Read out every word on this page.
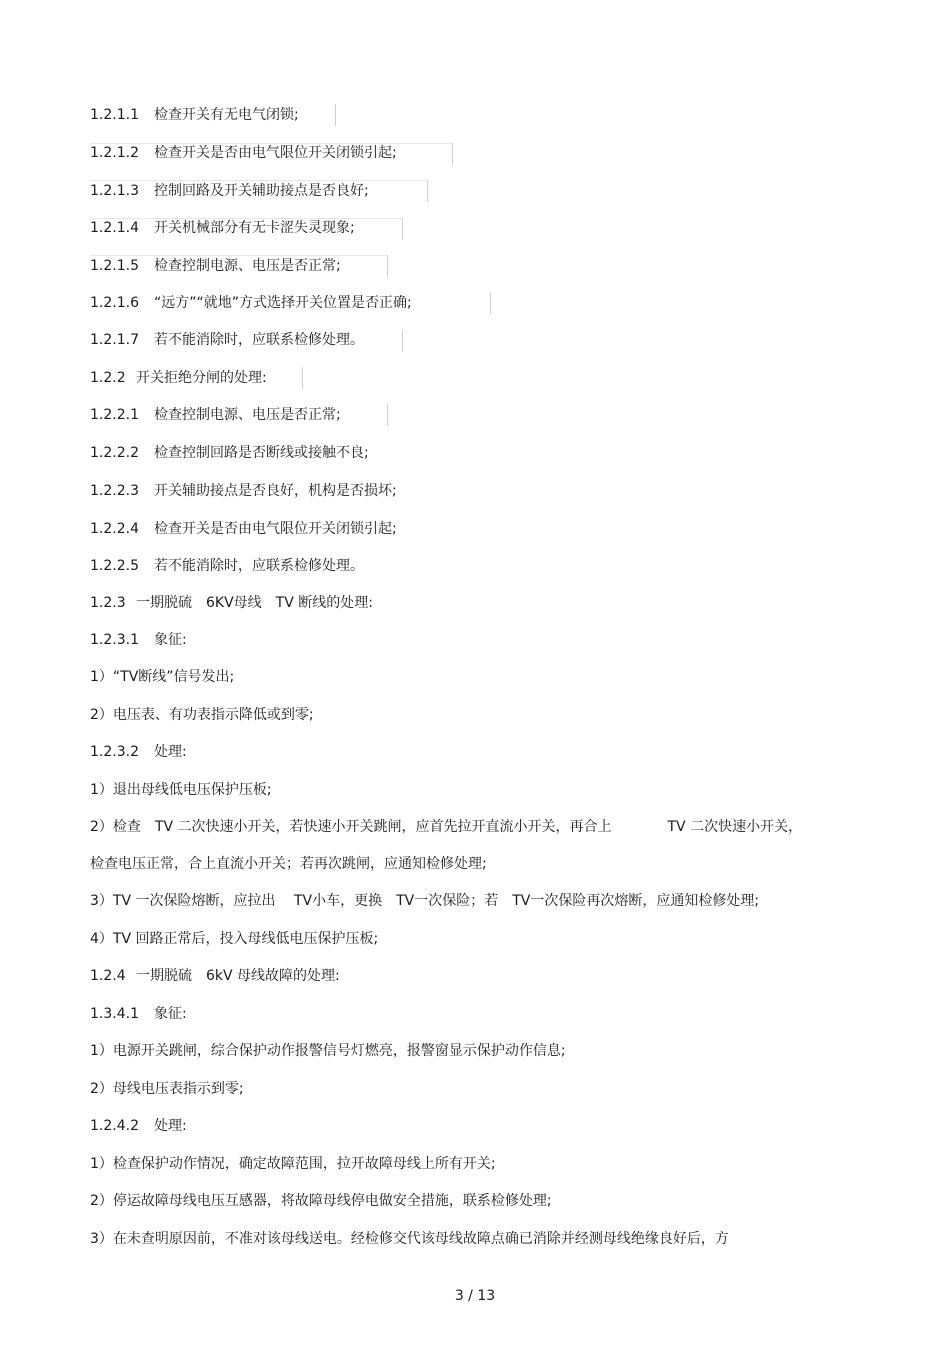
1.2.1.1 检查开关有无电气闭锁;
1.2.1.2 检查开关是否由电气限位开关闭锁引起;
1.2.1.3 控制回路及开关辅助接点是否良好;
1.2.1.4 开关机械部分有无卡涩失灵现象;
1.2.1.5 检查控制电源、电压是否正常;
1.2.1.6 “远方”“就地”方式选择开关位置是否正确;
1.2.1.7 若不能消除时，应联系检修处理。
1.2.2 开关拒绝分闸的处理:
1.2.2.1 检查控制电源、电压是否正常;
1.2.2.2 检查控制回路是否断线或接触不良;
1.2.2.3 开关辅助接点是否良好，机构是否损坏;
1.2.2.4 检查开关是否由电气限位开关闭锁引起;
1.2.2.5 若不能消除时，应联系检修处理。
1.2.3 一期脱硫　6KV母线　TV 断线的处理:
1.2.3.1 象征:
1）“TV断线”信号发出;
2）电压表、有功表指示降低或到零;
1.2.3.2 处理:
1）退出母线低电压保护压板;
2）检查　TV 二次快速小开关，若快速小开关跳闸，应首先拉开直流小开关，再合上　　　　TV 二次快速小开关，
检查电压正常，合上直流小开关；若再次跳闸，应通知检修处理;
3）TV 一次保险熔断，应拉出　 TV小车，更换　TV一次保险；若　TV一次保险再次熔断，应通知检修处理;
4）TV 回路正常后，投入母线低电压保护压板;
1.2.4 一期脱硫　6kV 母线故障的处理:
1.3.4.1 象征:
1）电源开关跳闸，综合保护动作报警信号灯燃亮，报警窗显示保护动作信息;
2）母线电压表指示到零;
1.2.4.2 处理:
1）检查保护动作情况，确定故障范围，拉开故障母线上所有开关;
2）停运故障母线电压互感器，将故障母线停电做安全措施，联系检修处理;
3）在未查明原因前，不准对该母线送电。经检修交代该母线故障点确已消除并经测母线绝缘良好后，方
3 / 13
